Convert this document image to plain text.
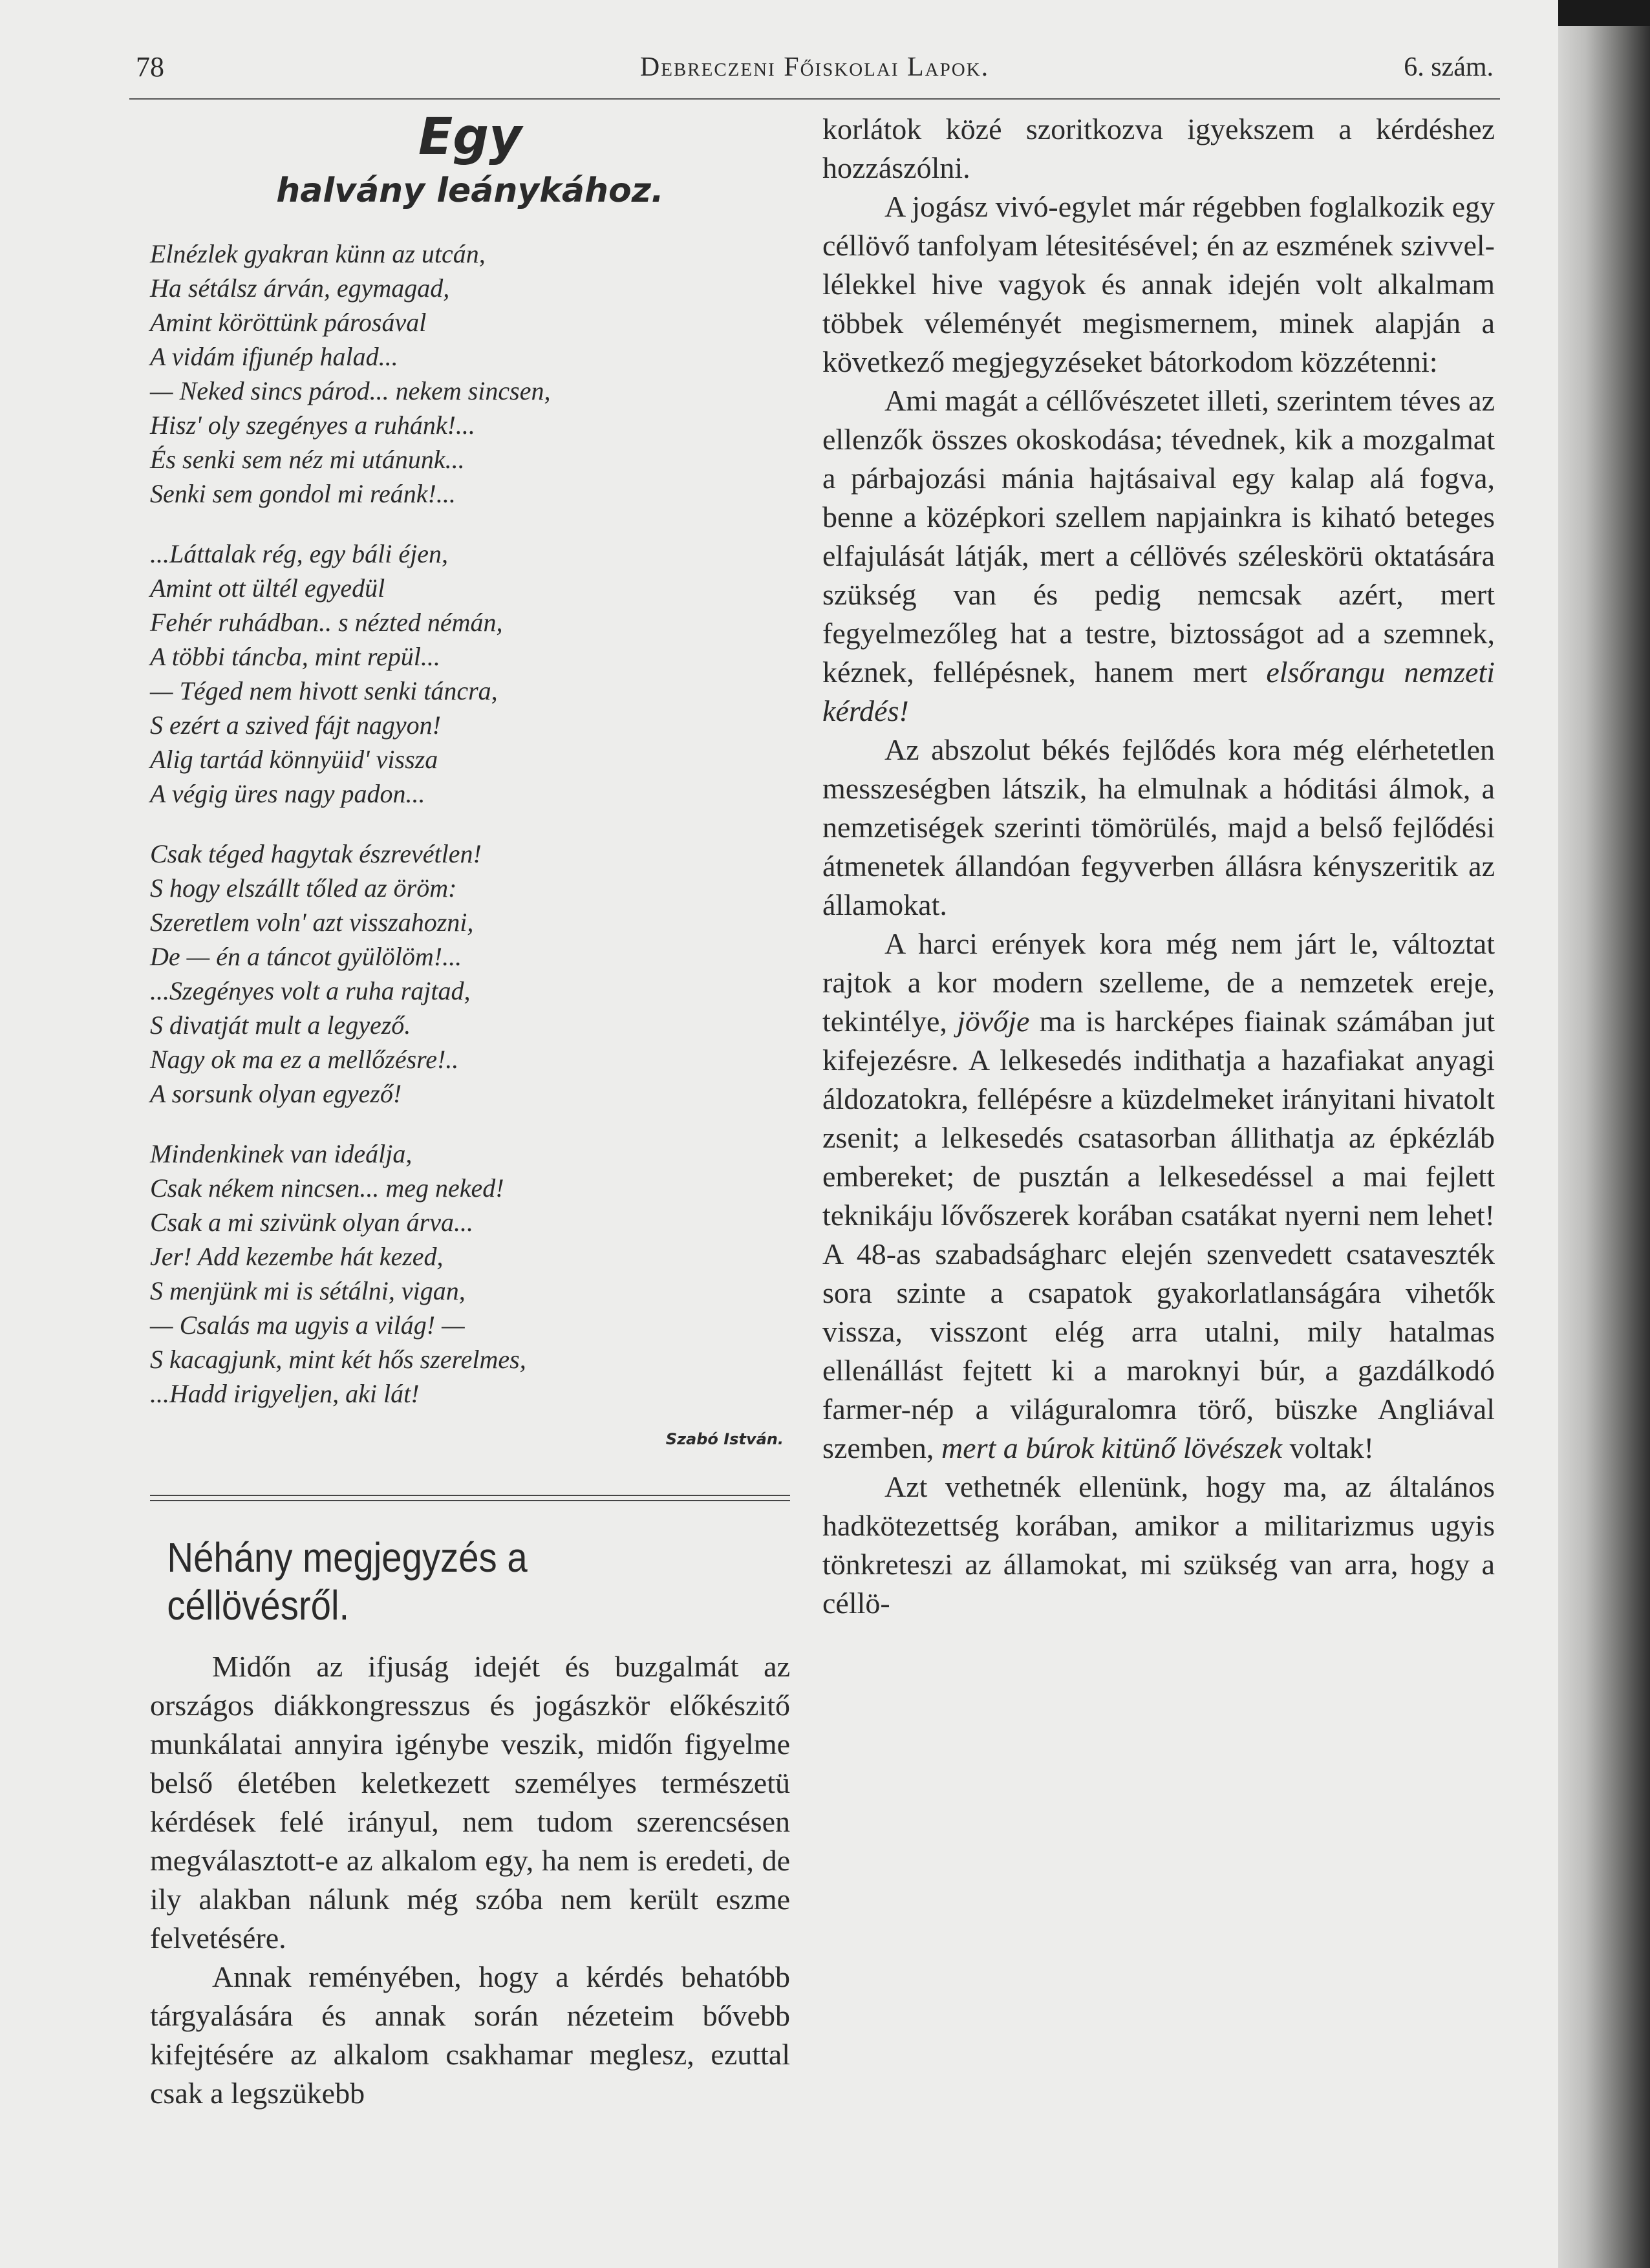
78	Debreczeni Főiskolai Lapok.	6. szám.
Egy
halvány leánykához.
Elnézlek gyakran künn az utcán,
Ha sétálsz árván, egymagad,
Amint köröttünk párosával
A vidám ifjunép halad...
— Neked sincs párod... nekem sincsen,
Hisz' oly szegényes a ruhánk!...
És senki sem néz mi utánunk...
Senki sem gondol mi reánk!...
...Láttalak rég, egy báli éjen,
Amint ott ültél egyedül
Fehér ruhádban.. s nézted némán,
A többi táncba, mint repül...
— Téged nem hivott senki táncra,
S ezért a szived fájt nagyon!
Alig tartád könnyüid' vissza
A végig üres nagy padon...
Csak téged hagytak észrevétlen!
S hogy elszállt tőled az öröm:
Szeretlem voln' azt visszahozni,
De — én a táncot gyülölöm!...
...Szegényes volt a ruha rajtad,
S divatját mult a legyező.
Nagy ok ma ez a mellőzésre!..
A sorsunk olyan egyező!
Mindenkinek van ideálja,
Csak nékem nincsen... meg neked!
Csak a mi szivünk olyan árva...
Jer! Add kezembe hát kezed,
S menjünk mi is sétálni, vigan,
— Csalás ma ugyis a világ! —
S kacagjunk, mint két hős szerelmes,
...Hadd irigyeljen, aki lát!
Szabó István.
Néhány megjegyzés a céllövésről.

Midőn az ifjuság idejét és buzgalmát az országos diákkongresszus és jogászkör előkészitő munkálatai annyira igénybe veszik, midőn figyelme belső életében keletkezett személyes természetü kérdések felé irányul, nem tudom szerencsésen megválasztott-e az alkalom egy, ha nem is eredeti, de ily alakban nálunk még szóba nem került eszme felvetésére.

Annak reményében, hogy a kérdés behatóbb tárgyalására és annak során nézeteim bővebb kifejtésére az alkalom csakhamar meglesz, ezuttal csak a legszükebb

korlátok közé szoritkozva igyekszem a kérdéshez hozzászólni.

A jogász vivó-egylet már régebben foglalkozik egy céllövő tanfolyam létesitésével; én az eszmének szivvel-lélekkel hive vagyok és annak idején volt alkalmam többek véleményét megismernem, minek alapján a következő megjegyzéseket bátorkodom közzétenni:

Ami magát a céllővészetet illeti, szerintem téves az ellenzők összes okoskodása; tévednek, kik a mozgalmat a párbajozási mánia hajtásaival egy kalap alá fogva, benne a középkori szellem napjainkra is kiható beteges elfajulását látják, mert a céllövés széleskörü oktatására szükség van és pedig nemcsak azért, mert fegyelmezőleg hat a testre, biztosságot ad a szemnek, kéznek, fellépésnek, hanem mert elsőrangu nemzeti kérdés!

Az abszolut békés fejlődés kora még elérhetetlen messzeségben látszik, ha elmulnak a hóditási álmok, a nemzetiségek szerinti tömörülés, majd a belső fejlődési átmenetek állandóan fegyverben állásra kényszeritik az államokat.

A harci erények kora még nem járt le, változtat rajtok a kor modern szelleme, de a nemzetek ereje, tekintélye, jövője ma is harcképes fiainak számában jut kifejezésre. A lelkesedés indithatja a hazafiakat anyagi áldozatokra, fellépésre a küzdelmeket irányitani hivatolt zsenit; a lelkesedés csatasorban állithatja az épkézláb embereket; de pusztán a lelkesedéssel a mai fejlett teknikáju lővőszerek korában csatákat nyerni nem lehet! A 48-as szabadságharc elején szenvedett csataveszték sora szinte a csapatok gyakorlatlanságára vihetők vissza, visszont elég arra utalni, mily hatalmas ellenállást fejtett ki a maroknyi búr, a gazdálkodó farmer-nép a világuralomra törő, büszke Angliával szemben, mert a búrok kitünő lövészek voltak!

Azt vethetnék ellenünk, hogy ma, az általános hadkötezettség korában, amikor a militarizmus ugyis tönkreteszi az államokat, mi szükség van arra, hogy a céllö-
